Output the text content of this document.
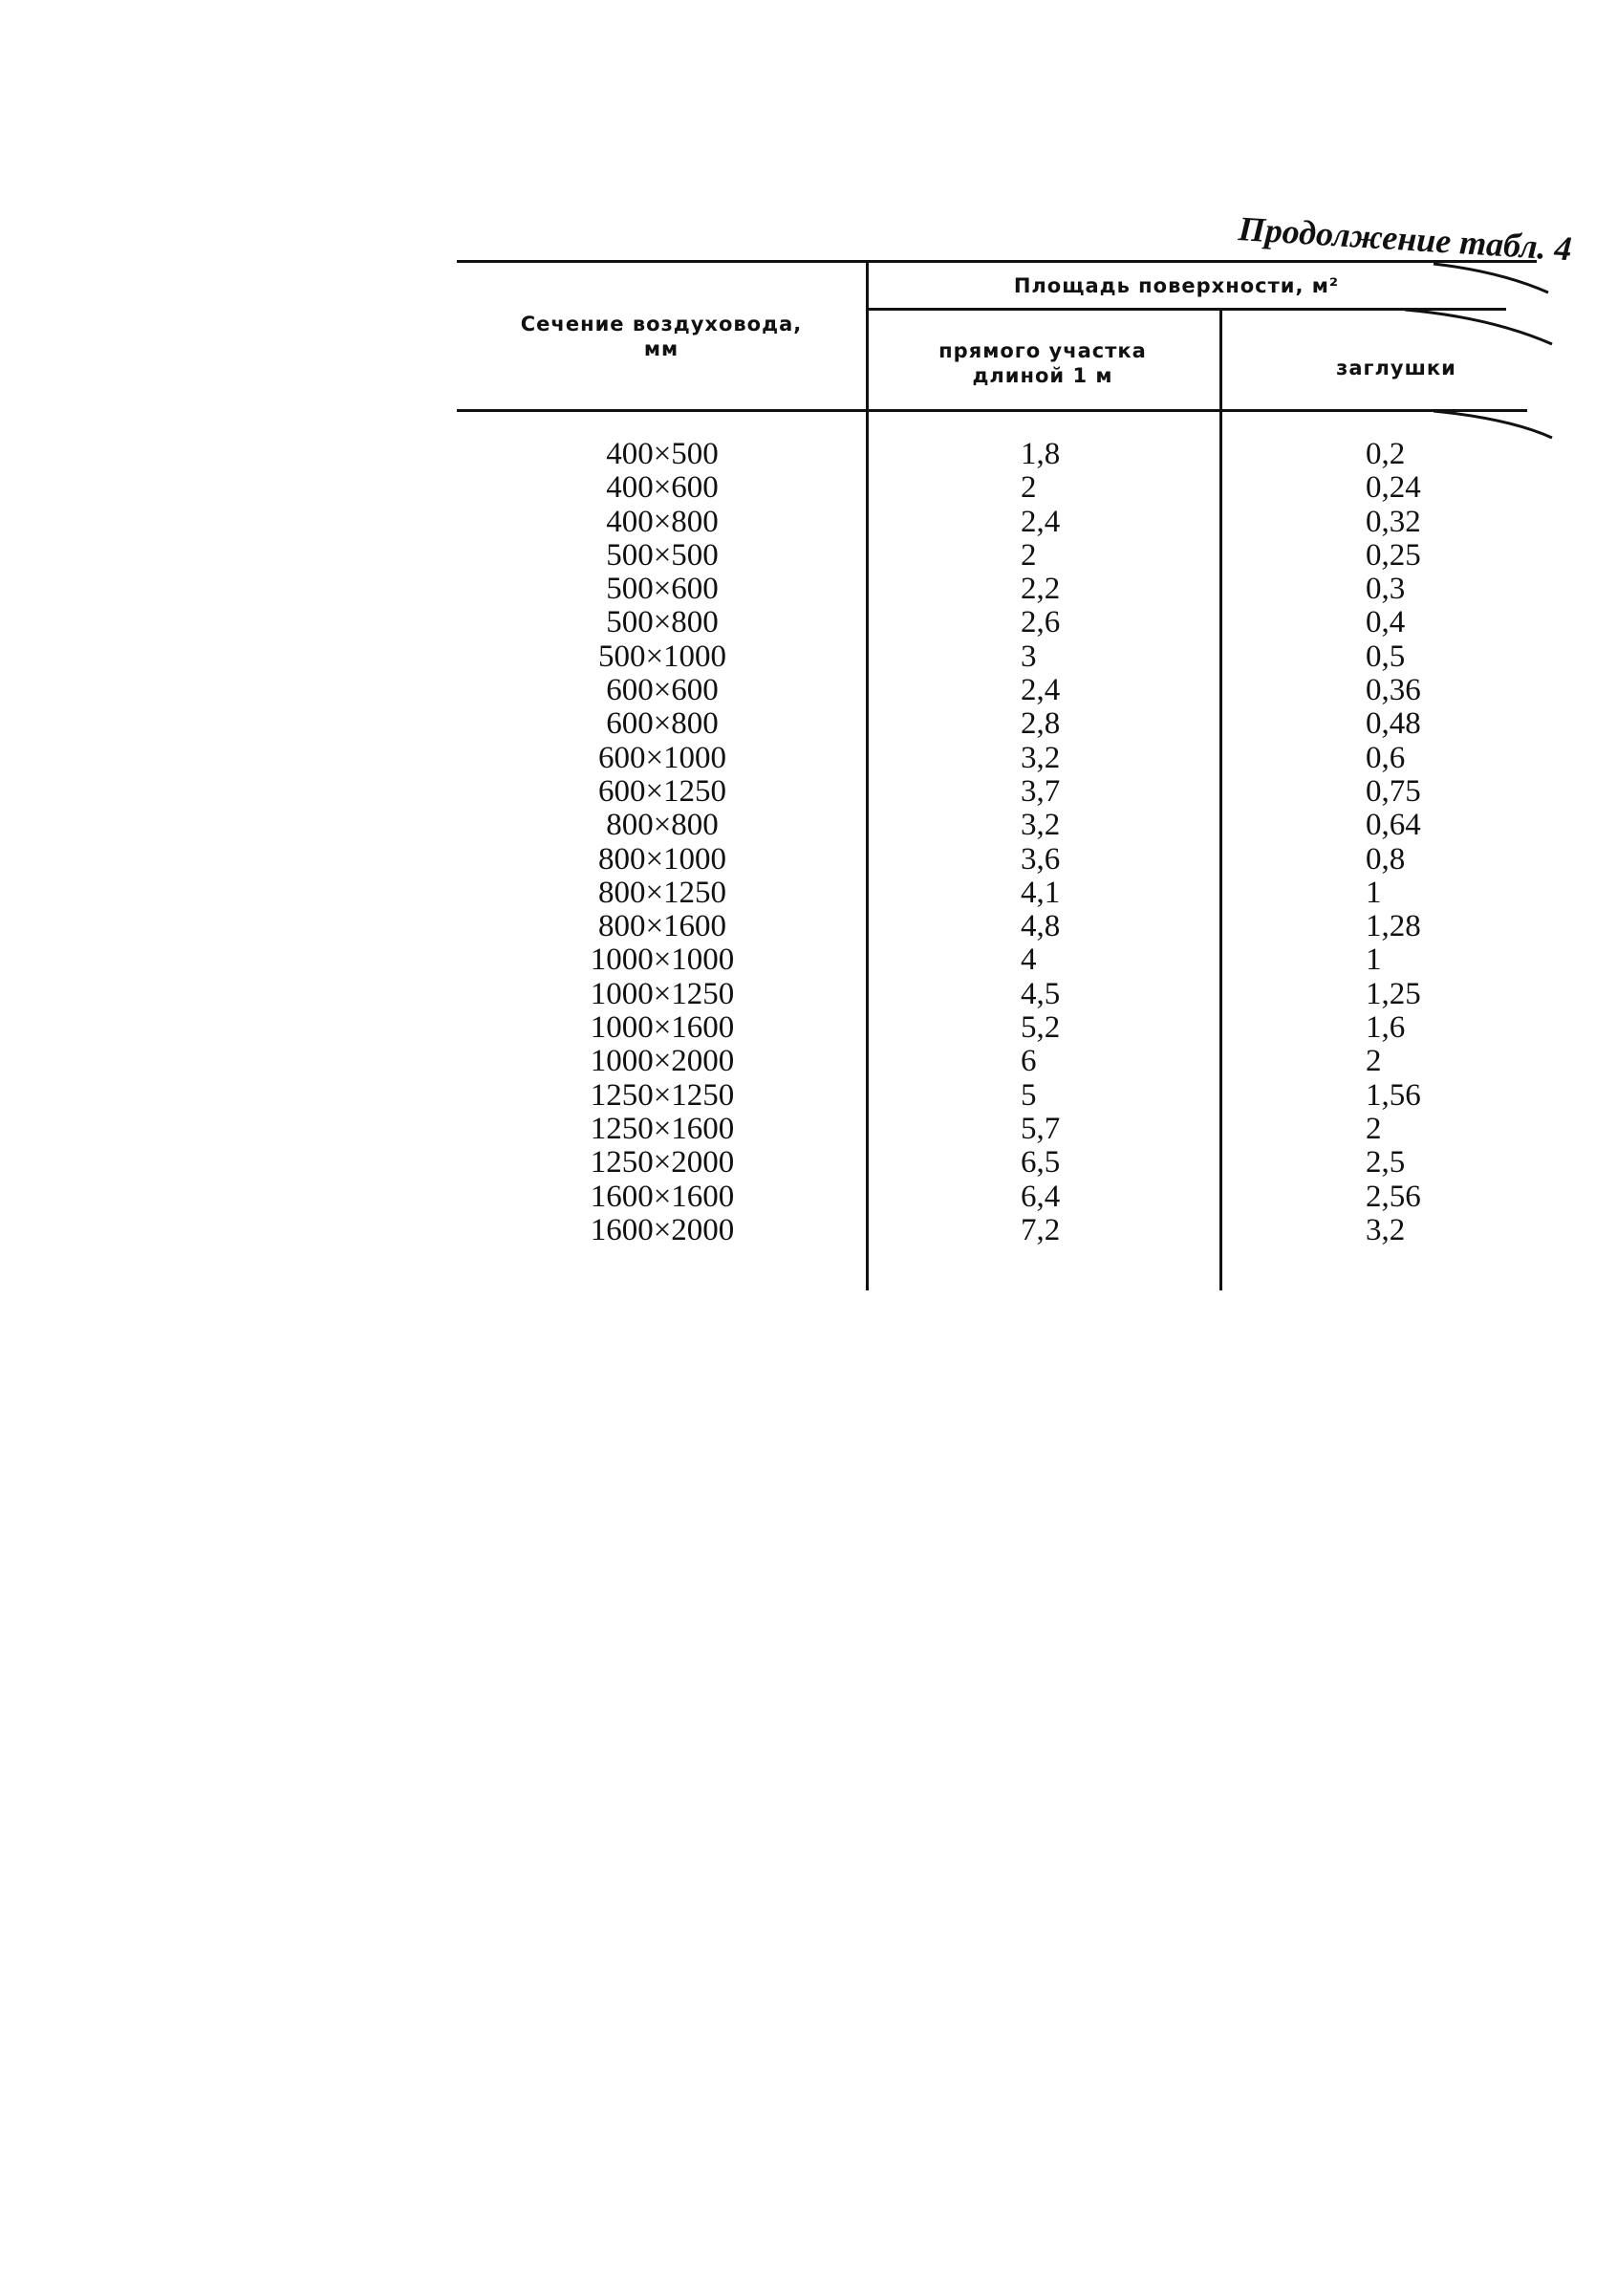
Продолжение табл. 4
Сечение воздуховода, мм
Площадь поверхности, м²
прямого участка длиной 1 м	заглушки
400×500	1,8	0,2
400×600	2	0,24
400×800	2,4	0,32
500×500	2	0,25
500×600	2,2	0,3
500×800	2,6	0,4
500×1000	3	0,5
600×600	2,4	0,36
600×800	2,8	0,48
600×1000	3,2	0,6
600×1250	3,7	0,75
800×800	3,2	0,64
800×1000	3,6	0,8
800×1250	4,1	1
800×1600	4,8	1,28
1000×1000	4	1
1000×1250	4,5	1,25
1000×1600	5,2	1,6
1000×2000	6	2
1250×1250	5	1,56
1250×1600	5,7	2
1250×2000	6,5	2,5
1600×1600	6,4	2,56
1600×2000	7,2	3,2
